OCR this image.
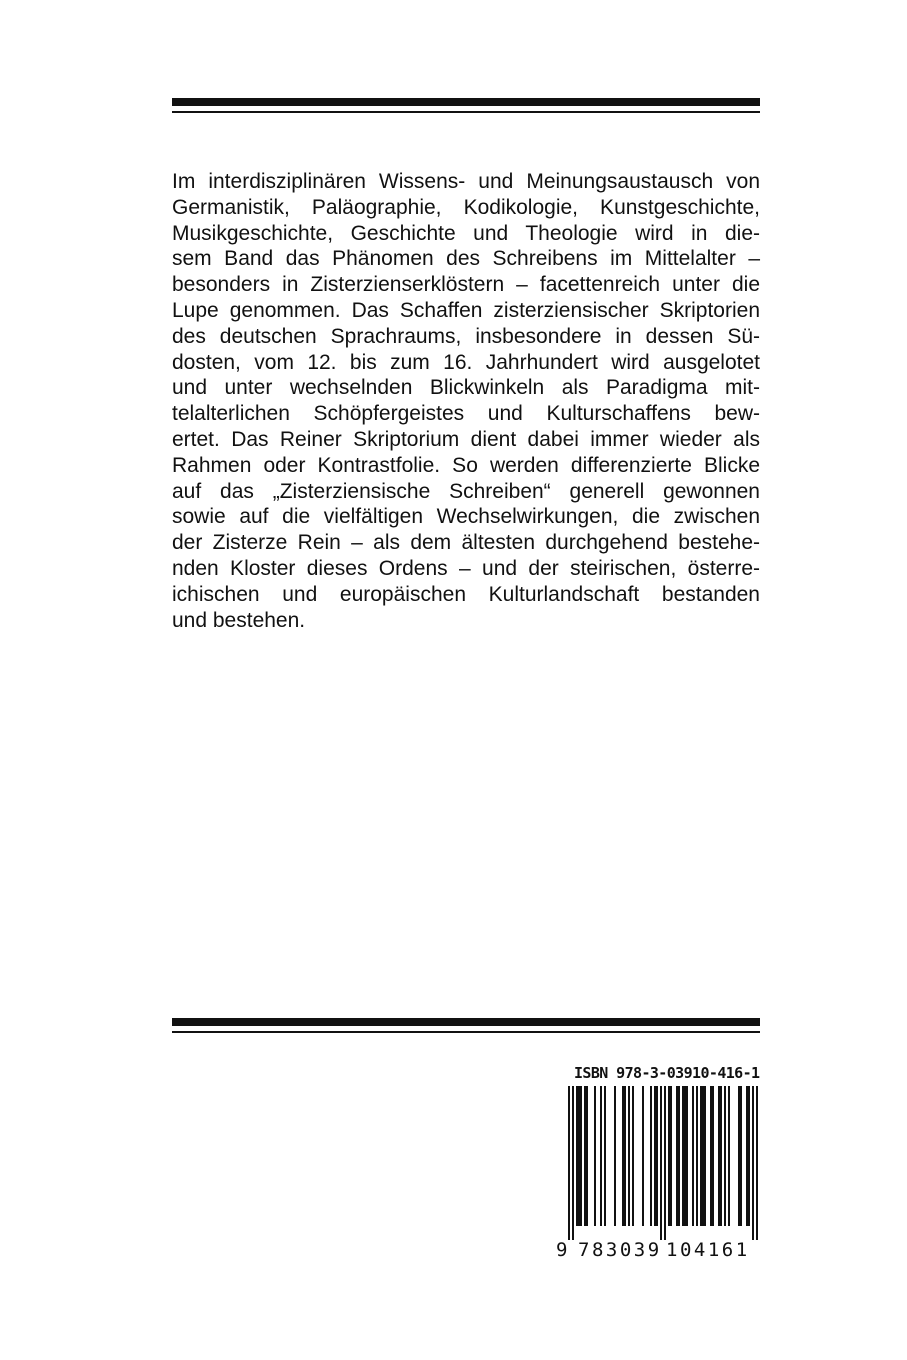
Im interdisziplinären Wissens- und Meinungsaustausch von
Germanistik, Paläographie, Kodikologie, Kunstgeschichte,
Musikgeschichte, Geschichte und Theologie wird in die-
sem Band das Phänomen des Schreibens im Mittelalter –
besonders in Zisterzienserklöstern – facettenreich unter die
Lupe genommen. Das Schaffen zisterziensischer Skriptorien
des deutschen Sprachraums, insbesondere in dessen Sü-
dosten, vom 12. bis zum 16. Jahrhundert wird ausgelotet
und unter wechselnden Blickwinkeln als Paradigma mit-
telalterlichen Schöpfergeistes und Kulturschaffens bew-
ertet. Das Reiner Skriptorium dient dabei immer wieder als
Rahmen oder Kontrastfolie. So werden differenzierte Blicke
auf das „Zisterziensische Schreiben“ generell gewonnen
sowie auf die vielfältigen Wechselwirkungen, die zwischen
der Zisterze Rein – als dem ältesten durchgehend bestehe-
nden Kloster dieses Ordens – und der steirischen, österre-
ichischen und europäischen Kulturlandschaft bestanden
und bestehen.
ISBN 978-3-03910-416-1
9 783039 104161
